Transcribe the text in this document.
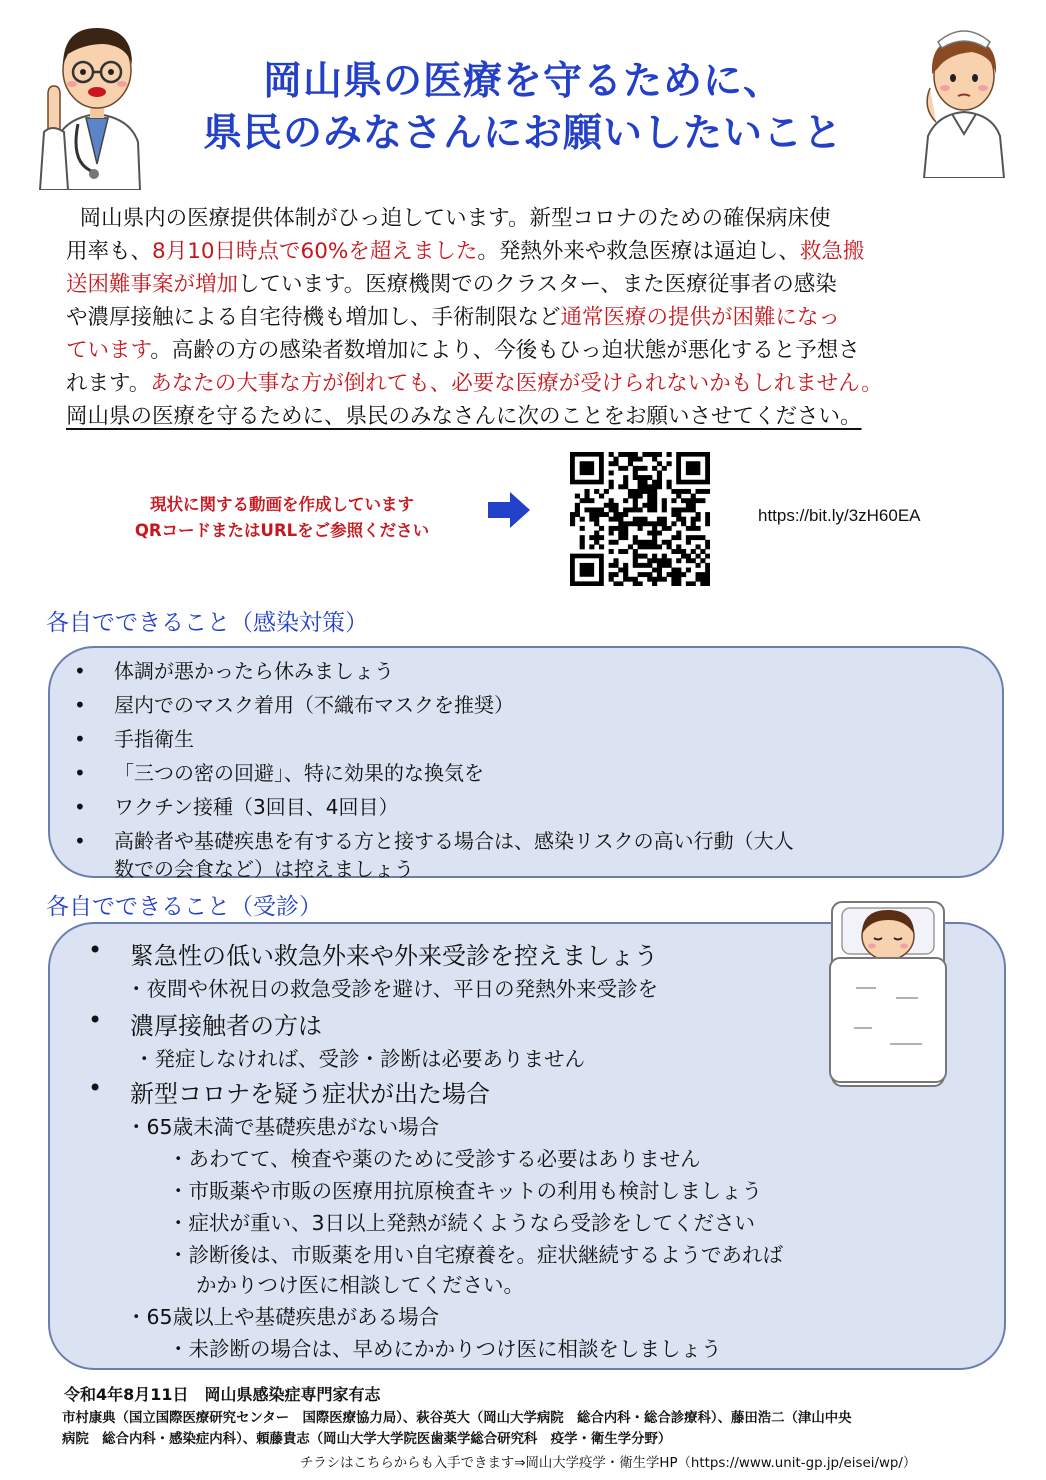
岡山県の医療を守るために、
県民のみなさんにお願いしたいこと

岡山県内の医療提供体制がひっ迫しています。新型コロナのための確保病床使

用率も、8月10日時点で60%を超えました。発熱外来や救急医療は逼迫し、救急搬

送困難事案が増加しています。医療機関でのクラスター、また医療従事者の感染

や濃厚接触による自宅待機も増加し、手術制限など通常医療の提供が困難になっ

ています。高齢の方の感染者数増加により、今後もひっ迫状態が悪化すると予想さ

れます。あなたの大事な方が倒れても、必要な医療が受けられないかもしれません。

岡山県の医療を守るために、県民のみなさんに次のことをお願いさせてください。

現状に関する動画を作成しています
QRコードまたはURLをご参照ください
https://bit.ly/3zH60EA
各自でできること（感染対策）
• 体調が悪かったら休みましょう
• 屋内でのマスク着用（不織布マスクを推奨）
• 手指衛生
• 「三つの密の回避」、特に効果的な換気を
• ワクチン接種（3回目、4回目）
• 高齢者や基礎疾患を有する方と接する場合は、感染リスクの高い行動（大人
数での会食など）は控えましょう
各自でできること（受診）
• 緊急性の低い救急外来や外来受診を控えましょう
・夜間や休祝日の救急受診を避け、平日の発熱外来受診を
• 濃厚接触者の方は
・発症しなければ、受診・診断は必要ありません
• 新型コロナを疑う症状が出た場合
・65歳未満で基礎疾患がない場合
・あわてて、検査や薬のために受診する必要はありません
・市販薬や市販の医療用抗原検査キットの利用も検討しましょう
・症状が重い、3日以上発熱が続くようなら受診をしてください
・診断後は、市販薬を用い自宅療養を。症状継続するようであれば
かかりつけ医に相談してください。
・65歳以上や基礎疾患がある場合
・未診断の場合は、早めにかかりつけ医に相談をしましょう
令和4年8月11日　岡山県感染症専門家有志
市村康典（国立国際医療研究センター　国際医療協力局）、萩谷英大（岡山大学病院　総合内科・総合診療科）、藤田浩二（津山中央
病院　総合内科・感染症内科）、頼藤貴志（岡山大学大学院医歯薬学総合研究科　疫学・衛生学分野）
チラシはこちらからも入手できます⇒岡山大学疫学・衛生学HP（https://www.unit-gp.jp/eisei/wp/）
